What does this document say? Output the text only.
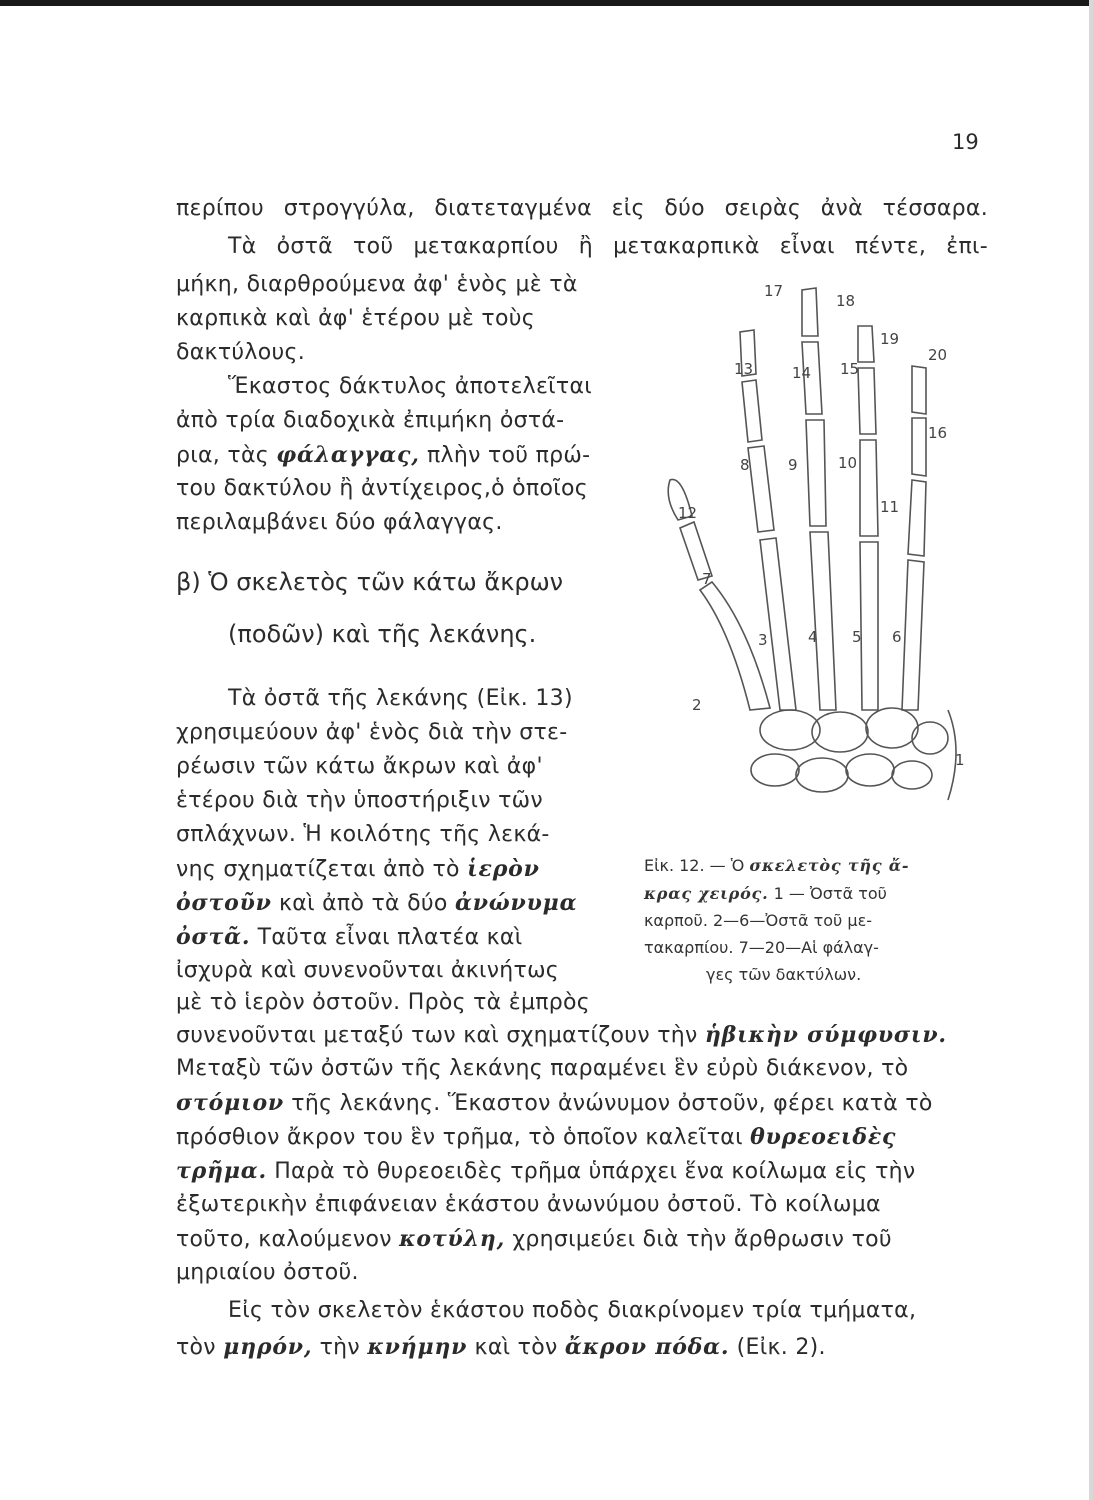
19
περίπου στρογγύλα, διατεταγμένα εἰς δύο σειρὰς ἀνὰ τέσσαρα.
Τὰ ὀστᾶ τοῦ μετακαρπίου ἢ μετακαρπικὰ εἶναι πέντε, ἐπι-
μήκη, διαρθρούμενα ἀφ' ἑνὸς μὲ τὰ
καρπικὰ καὶ ἀφ' ἑτέρου μὲ τοὺς
δακτύλους.
Ἕκαστος δάκτυλος ἀποτελεῖται
ἀπὸ τρία διαδοχικὰ ἐπιμήκη ὀστά-
ρια, τὰς φάλαγγας, πλὴν τοῦ πρώ-
του δακτύλου ἢ ἀντίχειρος,ὁ ὁποῖος
περιλαμβάνει δύο φάλαγγας.
β) Ὁ σκελετὸς τῶν κάτω ἄκρων
(ποδῶν) καὶ τῆς λεκάνης.
Τὰ ὀστᾶ τῆς λεκάνης (Εἰκ. 13)
χρησιμεύουν ἀφ' ἑνὸς διὰ τὴν στε-
ρέωσιν τῶν κάτω ἄκρων καὶ ἀφ'
ἑτέρου διὰ τὴν ὑποστήριξιν τῶν
σπλάχνων. Ἡ κοιλότης τῆς λεκά-
νης σχηματίζεται ἀπὸ τὸ ἱερὸν
ὀστοῦν καὶ ἀπὸ τὰ δύο ἀνώνυμα
ὀστᾶ. Ταῦτα εἶναι πλατέα καὶ
ἰσχυρὰ καὶ συνενοῦνται ἀκινήτως
μὲ τὸ ἱερὸν ὀστοῦν. Πρὸς τὰ ἐμπρὸς
συνενοῦνται μεταξύ των καὶ σχηματίζουν τὴν ἡβικὴν σύμφυσιν.
Μεταξὺ τῶν ὀστῶν τῆς λεκάνης παραμένει ἓν εὐρὺ διάκενον, τὸ
στόμιον τῆς λεκάνης. Ἕκαστον ἀνώνυμον ὀστοῦν, φέρει κατὰ τὸ
πρόσθιον ἄκρον του ἓν τρῆμα, τὸ ὁποῖον καλεῖται θυρεοειδὲς
τρῆμα. Παρὰ τὸ θυρεοειδὲς τρῆμα ὑπάρχει ἕνα κοίλωμα εἰς τὴν
ἐξωτερικὴν ἐπιφάνειαν ἑκάστου ἀνωνύμου ὀστοῦ. Τὸ κοίλωμα
τοῦτο, καλούμενον κοτύλη, χρησιμεύει διὰ τὴν ἄρθρωσιν τοῦ
μηριαίου ὀστοῦ.
Εἰς τὸν σκελετὸν ἑκάστου ποδὸς διακρίνομεν τρία τμήματα,
τὸν μηρόν, τὴν κνήμην καὶ τὸν ἄκρον πόδα. (Εἰκ. 2).
1
2
3	4 5 6
7
8	9	10
11
12
13	14 15
16
17
18
19
20
Εἰκ. 12. — Ὁ σκελετὸς τῆς ἄ-
κρας χειρός. 1 — Ὀστᾶ τοῦ
καρποῦ. 2—6—Ὀστᾶ τοῦ με-
τακαρπίου. 7—20—Αἱ φάλαγ-
γες τῶν δακτύλων.
